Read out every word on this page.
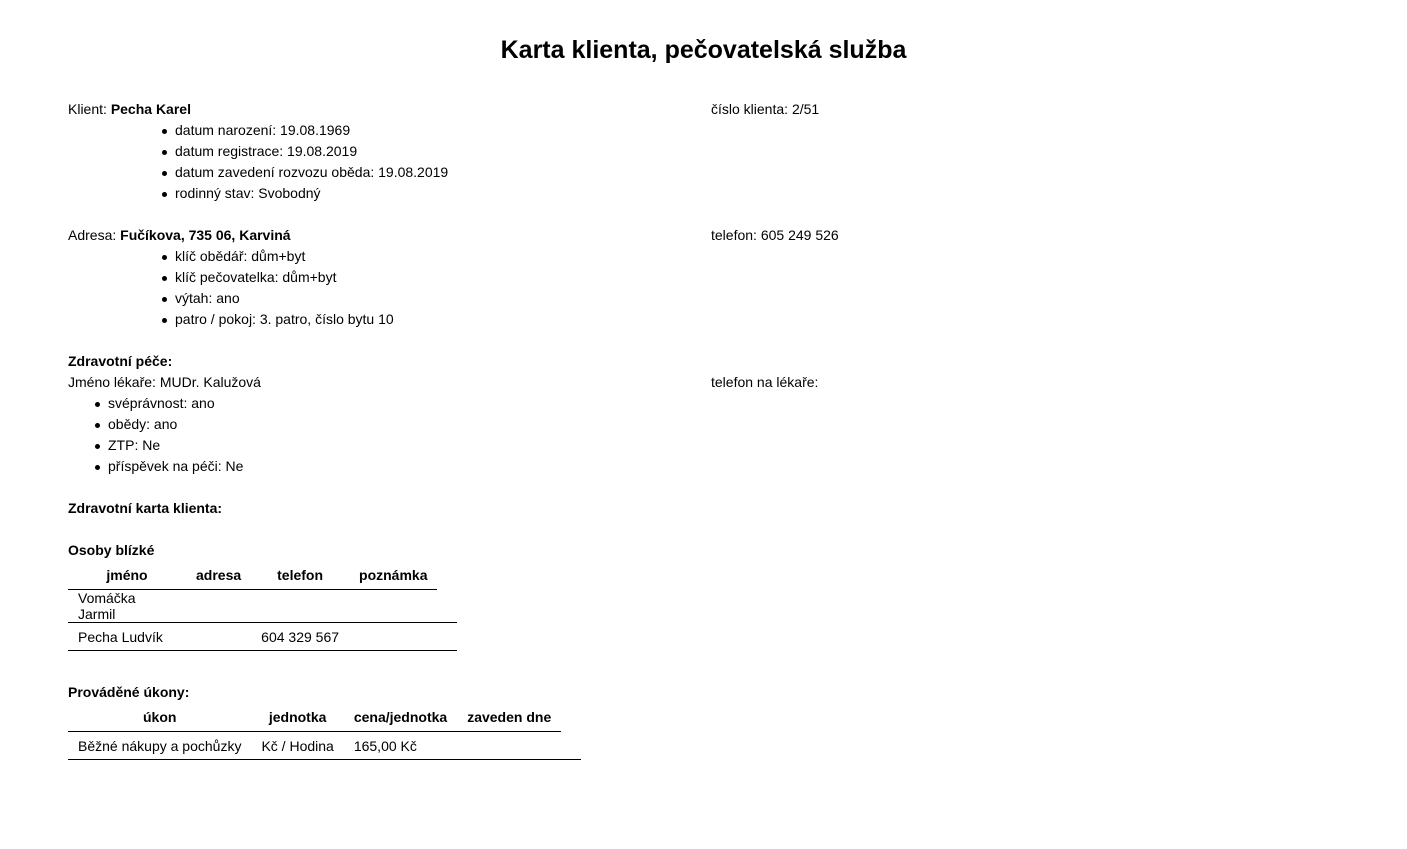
Karta klienta, pečovatelská služba
Klient: Pecha Karel	číslo klienta: 2/51
datum narození: 19.08.1969
datum registrace: 19.08.2019
datum zavedení rozvozu oběda: 19.08.2019
rodinný stav: Svobodný
Adresa: Fučíkova, 735 06, Karviná	telefon: 605 249 526
klíč obědář: dům+byt
klíč pečovatelka: dům+byt
výtah: ano
patro / pokoj: 3. patro, číslo bytu 10
Zdravotní péče:
Jméno lékaře: MUDr. Kalužová	telefon na lékaře:
svéprávnost: ano
obědy: ano
ZTP: Ne
příspěvek na péči: Ne
Zdravotní karta klienta:
Osoby blízké
jméno	adresa	telefon	poznámka	
Vomáčka Jarmil				
Pecha Ludvík		604 329 567		
Prováděné úkony:
úkon	jednotka	cena/jednotka	zaveden dne	
Běžné nákupy a pochůzky	Kč / Hodina	165,00 Kč		
